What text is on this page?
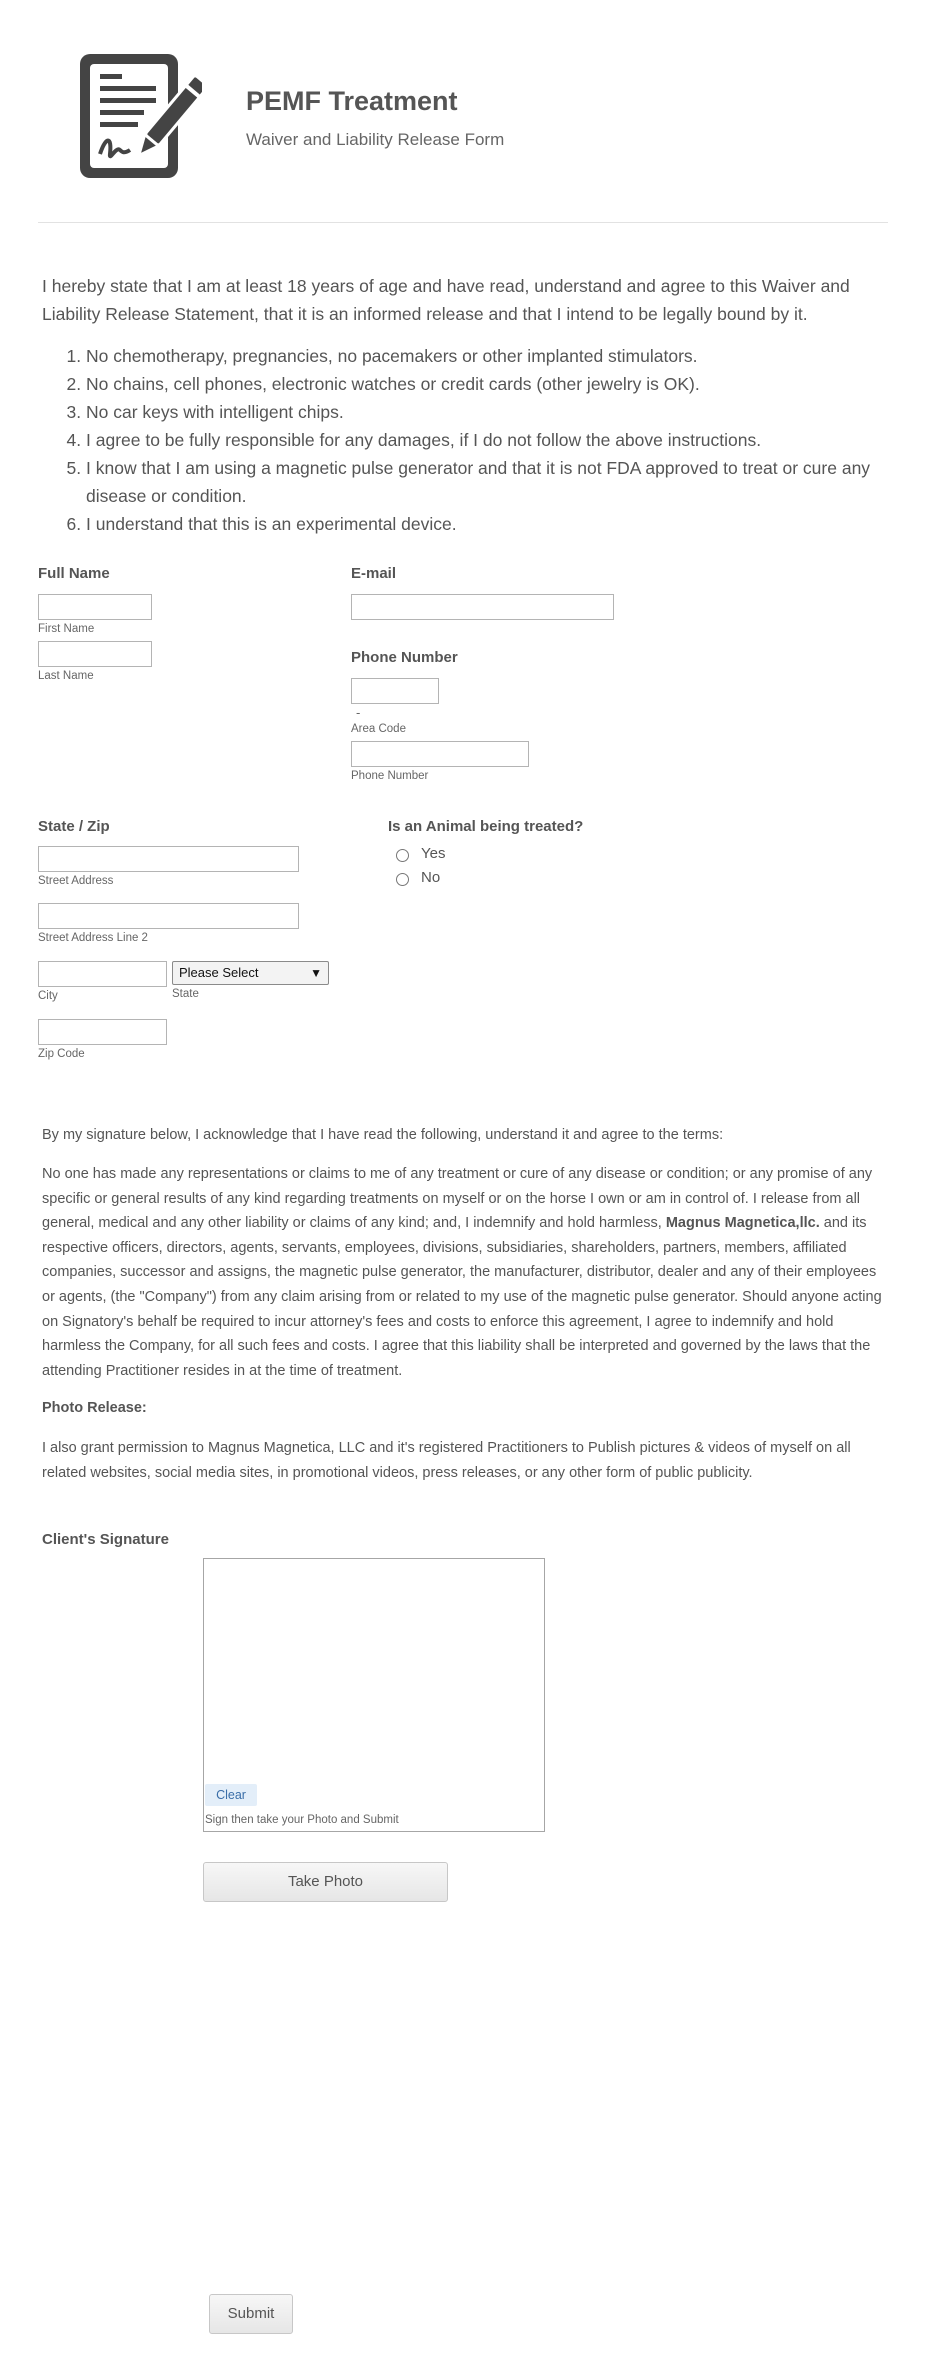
PEMF Treatment
Waiver and Liability Release Form
I hereby state that I am at least 18 years of age and have read, understand and agree to this Waiver and Liability Release Statement, that it is an informed release and that I intend to be legally bound by it.
1. No chemotherapy, pregnancies, no pacemakers or other implanted stimulators.
2. No chains, cell phones, electronic watches or credit cards (other jewelry is OK).
3. No car keys with intelligent chips.
4. I agree to be fully responsible for any damages, if I do not follow the above instructions.
5. I know that I am using a magnetic pulse generator and that it is not FDA approved to treat or cure any disease or condition.
6. I understand that this is an experimental device.
Full Name
First Name
Last Name
E-mail
Phone Number
-
Area Code
Phone Number
State / Zip
Street Address
Street Address Line 2
City
Please Select	▼
State
Zip Code
Is an Animal being treated?
Yes
No
By my signature below, I acknowledge that I have read the following, understand it and agree to the terms:
No one has made any representations or claims to me of any treatment or cure of any disease or condition; or any promise of any specific or general results of any kind regarding treatments on myself or on the horse I own or am in control of. I release from all general, medical and any other liability or claims of any kind; and, I indemnify and hold harmless, Magnus Magnetica,llc. and its respective officers, directors, agents, servants, employees, divisions, subsidiaries, shareholders, partners, members, affiliated companies, successor and assigns, the magnetic pulse generator, the manufacturer, distributor, dealer and any of their employees or agents, (the "Company") from any claim arising from or related to my use of the magnetic pulse generator. Should anyone acting on Signatory's behalf be required to incur attorney's fees and costs to enforce this agreement, I agree to indemnify and hold harmless the Company, for all such fees and costs. I agree that this liability shall be interpreted and governed by the laws that the attending Practitioner resides in at the time of treatment.
Photo Release:
I also grant permission to Magnus Magnetica, LLC and it's registered Practitioners to Publish pictures & videos of myself on all related websites, social media sites, in promotional videos, press releases, or any other form of public publicity.
Client's Signature
Clear
Sign then take your Photo and Submit
Take Photo
Submit
